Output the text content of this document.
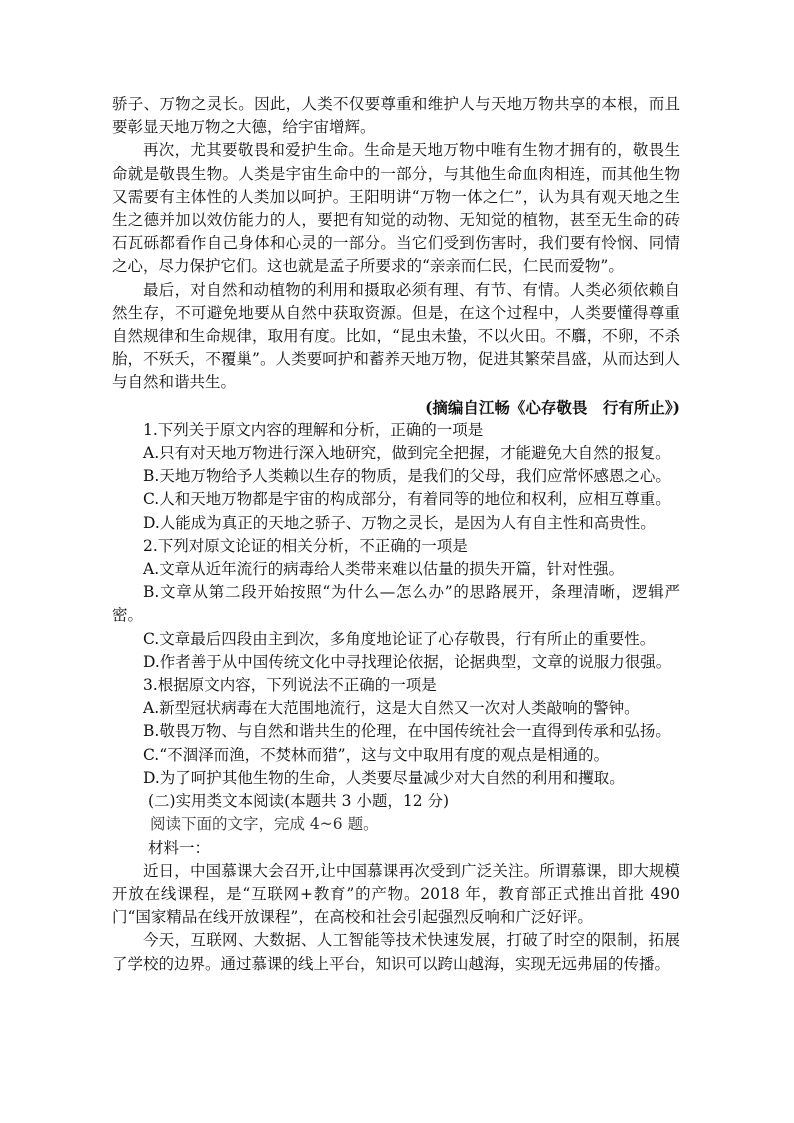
骄子、万物之灵长。因此，人类不仅要尊重和维护人与天地万物共享的本根，而且要彰显天地万物之大德，给宇宙增辉。

再次，尤其要敬畏和爱护生命。生命是天地万物中唯有生物才拥有的，敬畏生命就是敬畏生物。人类是宇宙生命中的一部分，与其他生命血肉相连，而其他生物又需要有主体性的人类加以呵护。王阳明讲“万物一体之仁”，认为具有观天地之生生之德并加以效仿能力的人，要把有知觉的动物、无知觉的植物，甚至无生命的砖石瓦砾都看作自己身体和心灵的一部分。当它们受到伤害时，我们要有怜悯、同情之心，尽力保护它们。这也就是孟子所要求的“亲亲而仁民，仁民而爱物”。

最后，对自然和动植物的利用和摄取必须有理、有节、有情。人类必须依赖自然生存，不可避免地要从自然中获取资源。但是，在这个过程中，人类要懂得尊重自然规律和生命规律，取用有度。比如，“昆虫未蛰，不以火田。不麛，不卵，不杀胎，不殀夭，不覆巢”。人类要呵护和蓄养天地万物，促进其繁荣昌盛，从而达到人与自然和谐共生。

(摘编自江畅《心存敬畏　行有所止》)

1.下列关于原文内容的理解和分析，正确的一项是

A.只有对天地万物进行深入地研究，做到完全把握，才能避免大自然的报复。

B.天地万物给予人类赖以生存的物质，是我们的父母，我们应常怀感恩之心。

C.人和天地万物都是宇宙的构成部分，有着同等的地位和权利，应相互尊重。

D.人能成为真正的天地之骄子、万物之灵长，是因为人有自主性和高贵性。

2.下列对原文论证的相关分析，不正确的一项是

A.文章从近年流行的病毒给人类带来难以估量的损失开篇，针对性强。

B.文章从第二段开始按照“为什么—怎么办”的思路展开，条理清晰，逻辑严密。

C.文章最后四段由主到次，多角度地论证了心存敬畏，行有所止的重要性。

D.作者善于从中国传统文化中寻找理论依据，论据典型，文章的说服力很强。

3.根据原文内容，下列说法不正确的一项是

A.新型冠状病毒在大范围地流行，这是大自然又一次对人类敲响的警钟。

B.敬畏万物、与自然和谐共生的伦理，在中国传统社会一直得到传承和弘扬。

C.“不涸泽而渔，不焚林而猎”，这与文中取用有度的观点是相通的。

D.为了呵护其他生物的生命，人类要尽量减少对大自然的利用和攫取。

(二)实用类文本阅读(本题共 3 小题，12 分)

阅读下面的文字，完成 4~6 题。

材料一：

近日，中国慕课大会召开,让中国慕课再次受到广泛关注。所谓慕课，即大规模开放在线课程，是“互联网+教育”的产物。2018 年，教育部正式推出首批 490 门“国家精品在线开放课程”，在高校和社会引起强烈反响和广泛好评。

今天，互联网、大数据、人工智能等技术快速发展，打破了时空的限制，拓展了学校的边界。通过慕课的线上平台，知识可以跨山越海，实现无远弗届的传播。
